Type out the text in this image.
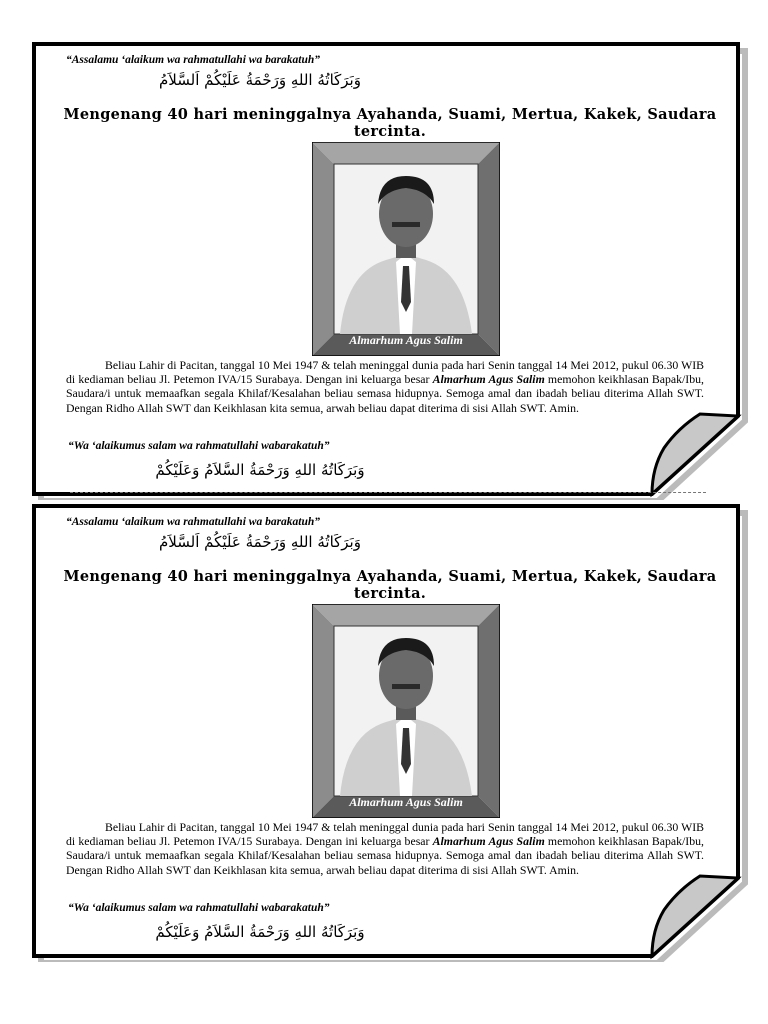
“Assalamu ‘alaikum wa rahmatullahi wa barakatuh”
وَبَرَكَاتُهُ اللهِ وَرَحْمَةُ عَلَيْكُمْ اَلسَّلاَمُ
Mengenang 40 hari meninggalnya Ayahanda, Suami, Mertua, Kakek, Saudara tercinta.
Almarhum Agus Salim
Beliau Lahir di Pacitan, tanggal 10 Mei 1947 & telah meninggal dunia pada hari Senin tanggal 14 Mei 2012, pukul 06.30 WIB di kediaman beliau Jl. Petemon IVA/15 Surabaya. Dengan ini keluarga besar Almarhum Agus Salim memohon keikhlasan Bapak/Ibu, Saudara/i untuk memaafkan segala Khilaf/Kesalahan beliau semasa hidupnya. Semoga amal dan ibadah beliau diterima Allah SWT. Dengan Ridho Allah SWT dan Keikhlasan kita semua, arwah beliau dapat diterima di sisi Allah SWT. Amin.
“Wa ‘alaikumus salam wa rahmatullahi wabarakatuh”
وَبَرَكَاتُهُ اللهِ وَرَحْمَةُ السَّلاَمُ وَعَلَيْكُمْ
“Assalamu ‘alaikum wa rahmatullahi wa barakatuh”
وَبَرَكَاتُهُ اللهِ وَرَحْمَةُ عَلَيْكُمْ اَلسَّلاَمُ
Mengenang 40 hari meninggalnya Ayahanda, Suami, Mertua, Kakek, Saudara tercinta.
Almarhum Agus Salim
Beliau Lahir di Pacitan, tanggal 10 Mei 1947 & telah meninggal dunia pada hari Senin tanggal 14 Mei 2012, pukul 06.30 WIB di kediaman beliau Jl. Petemon IVA/15 Surabaya. Dengan ini keluarga besar Almarhum Agus Salim memohon keikhlasan Bapak/Ibu, Saudara/i untuk memaafkan segala Khilaf/Kesalahan beliau semasa hidupnya. Semoga amal dan ibadah beliau diterima Allah SWT. Dengan Ridho Allah SWT dan Keikhlasan kita semua, arwah beliau dapat diterima di sisi Allah SWT. Amin.
“Wa ‘alaikumus salam wa rahmatullahi wabarakatuh”
وَبَرَكَاتُهُ اللهِ وَرَحْمَةُ السَّلاَمُ وَعَلَيْكُمْ
